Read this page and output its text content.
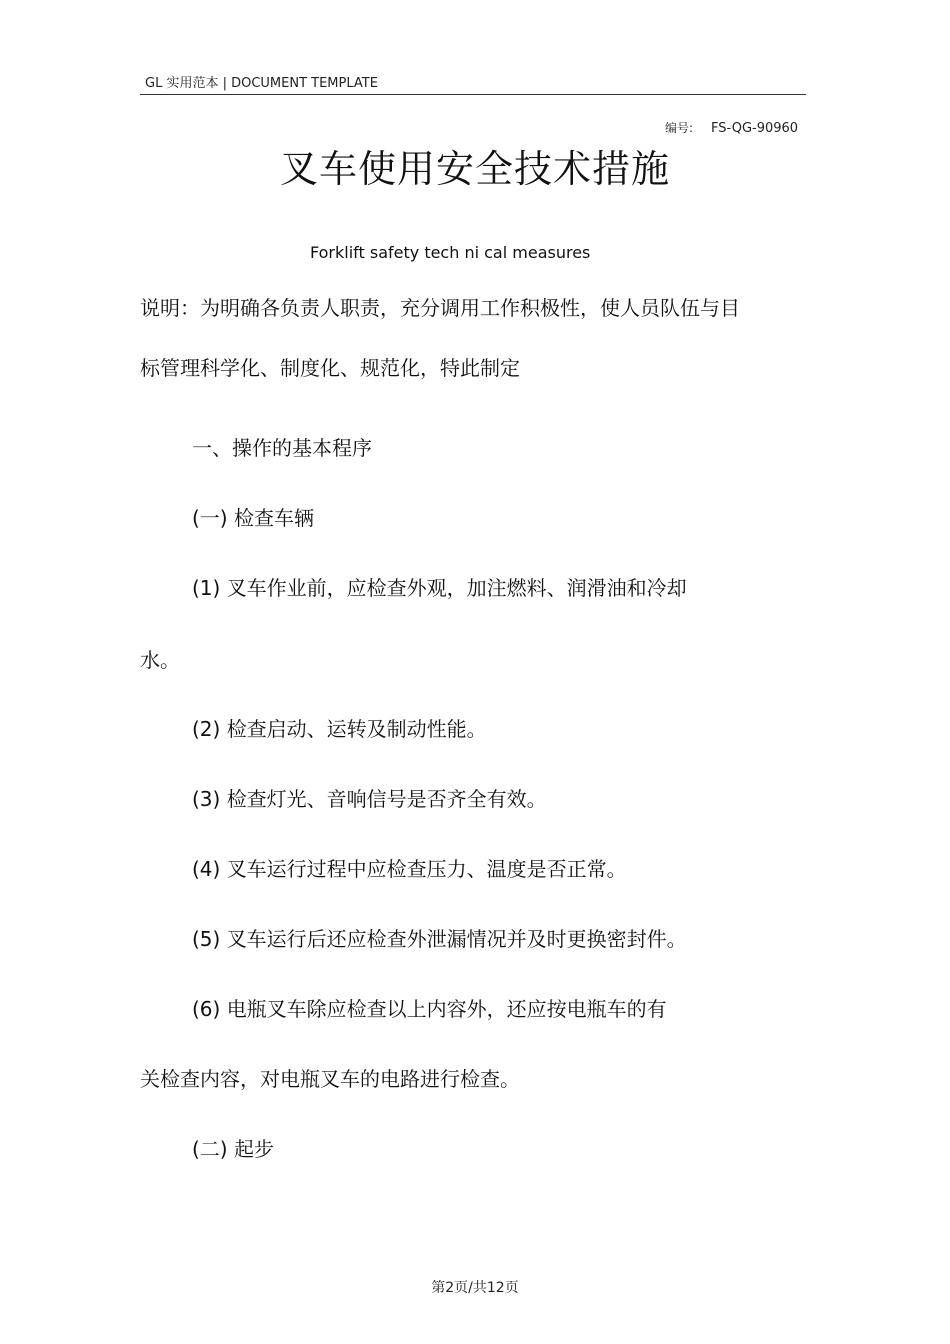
GL 实用范本 | DOCUMENT TEMPLATE
编号: FS-QG-90960
叉车使用安全技术措施
Forklift safety tech ni cal measures
说明：为明确各负责人职责，充分调用工作积极性，使人员队伍与目
标管理科学化、制度化、规范化，特此制定
一、操作的基本程序
(一) 检查车辆
(1) 叉车作业前，应检查外观，加注燃料、润滑油和冷却
水。
(2) 检查启动、运转及制动性能。
(3) 检查灯光、音响信号是否齐全有效。
(4) 叉车运行过程中应检查压力、温度是否正常。
(5) 叉车运行后还应检查外泄漏情况并及时更换密封件。
(6) 电瓶叉车除应检查以上内容外，还应按电瓶车的有
关检查内容，对电瓶叉车的电路进行检查。
(二) 起步
第2页/共12页
